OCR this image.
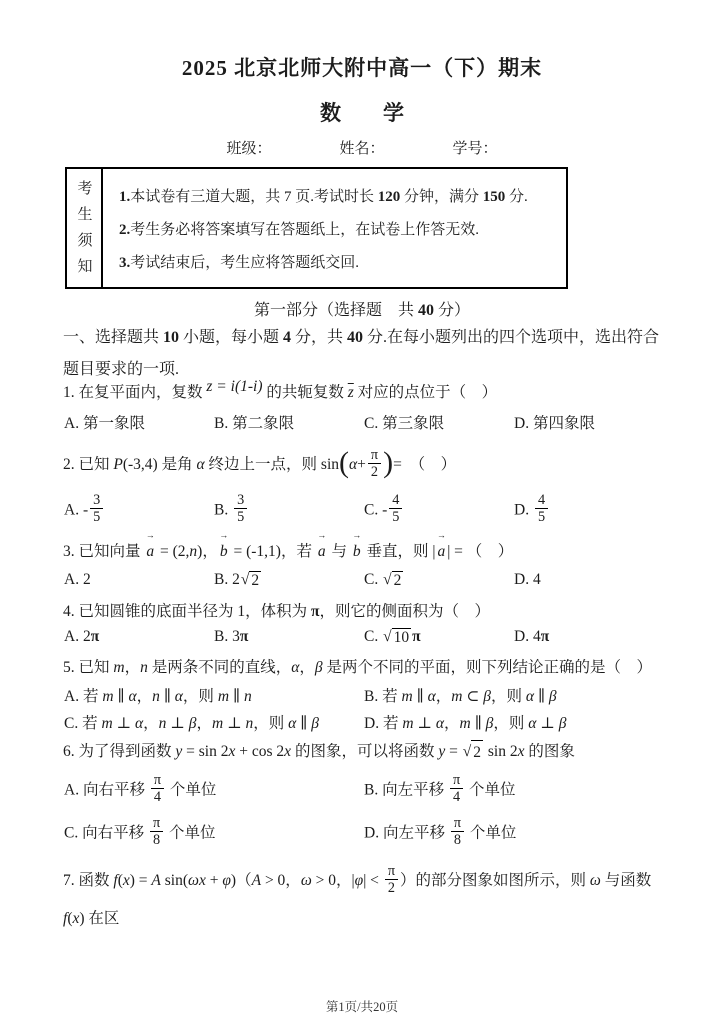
2025 北京北师大附中高一（下）期末
数　　学
班级：	姓名：	学号：
考生须知	1.本试卷有三道大题，共 7 页.考试时长 120 分钟，满分 150 分.
2.考生务必将答案填写在答题纸上，在试卷上作答无效.
3.考试结束后，考生应将答题纸交回.
第一部分（选择题　共 40 分）
一、选择题共 10 小题，每小题 4 分，共 40 分.在每小题列出的四个选项中，选出符合题目要求的一项.
1. 在复平面内，复数 z = i(1-i) 的共轭复数 $\overline{z}$ 对应的点位于（　）
A. 第一象限	B. 第二象限	C. 第三象限	D. 第四象限
2. 已知 P(-3,4) 是角 α 终边上一点，则 $\sin(\alpha+ \frac{\pi}{2}$ )=　（　）
A. - $\frac{3}{5}$	B. $\frac{3}{5}$	C. - $\frac{4}{5}$	D. $\frac{4}{5}$
3. 已知向量
→
a = (2,n)，
→
b = (-1,1)，若
→
a 与
→
b 垂直，则 |
→
a | = （　）
A. 2	B. 2 √ 2	C. √ 2	D. 4
4. 已知圆锥的底面半径为 1，体积为 π，则它的侧面积为（　）
A. 2π	B. 3π	C. √ 10 π	D. 4π
5. 已知 m，n 是两条不同的直线，α，β 是两个不同的平面，则下列结论正确的是（　）
A. 若 m ∥ α，n ∥ α，则 m ∥ n	B. 若 m ∥ α，m ⊂ β，则 α ∥ β
C. 若 m ⊥ α，n ⊥ β，m ⊥ n，则 α ∥ β	D. 若 m ⊥ α，m ∥ β，则 α ⊥ β
6. 为了得到函数 y = sin 2x + cos 2x 的图象，可以将函数 y = √ 2 sin 2x 的图象
A. 向右平移 $\frac{\pi}{4}$ 个单位	B. 向左平移 $\frac{\pi}{4}$ 个单位
C. 向右平移 $\frac{\pi}{8}$ 个单位	D. 向左平移 $\frac{\pi}{8}$ 个单位
7. 函数 f(x) = A sin(ωx + φ)（A > 0，ω > 0，$|\varphi| < \frac{\pi}{2}$ ）的部分图象如图所示，则 ω 与函数 f(x) 在区
第1页/共20页
